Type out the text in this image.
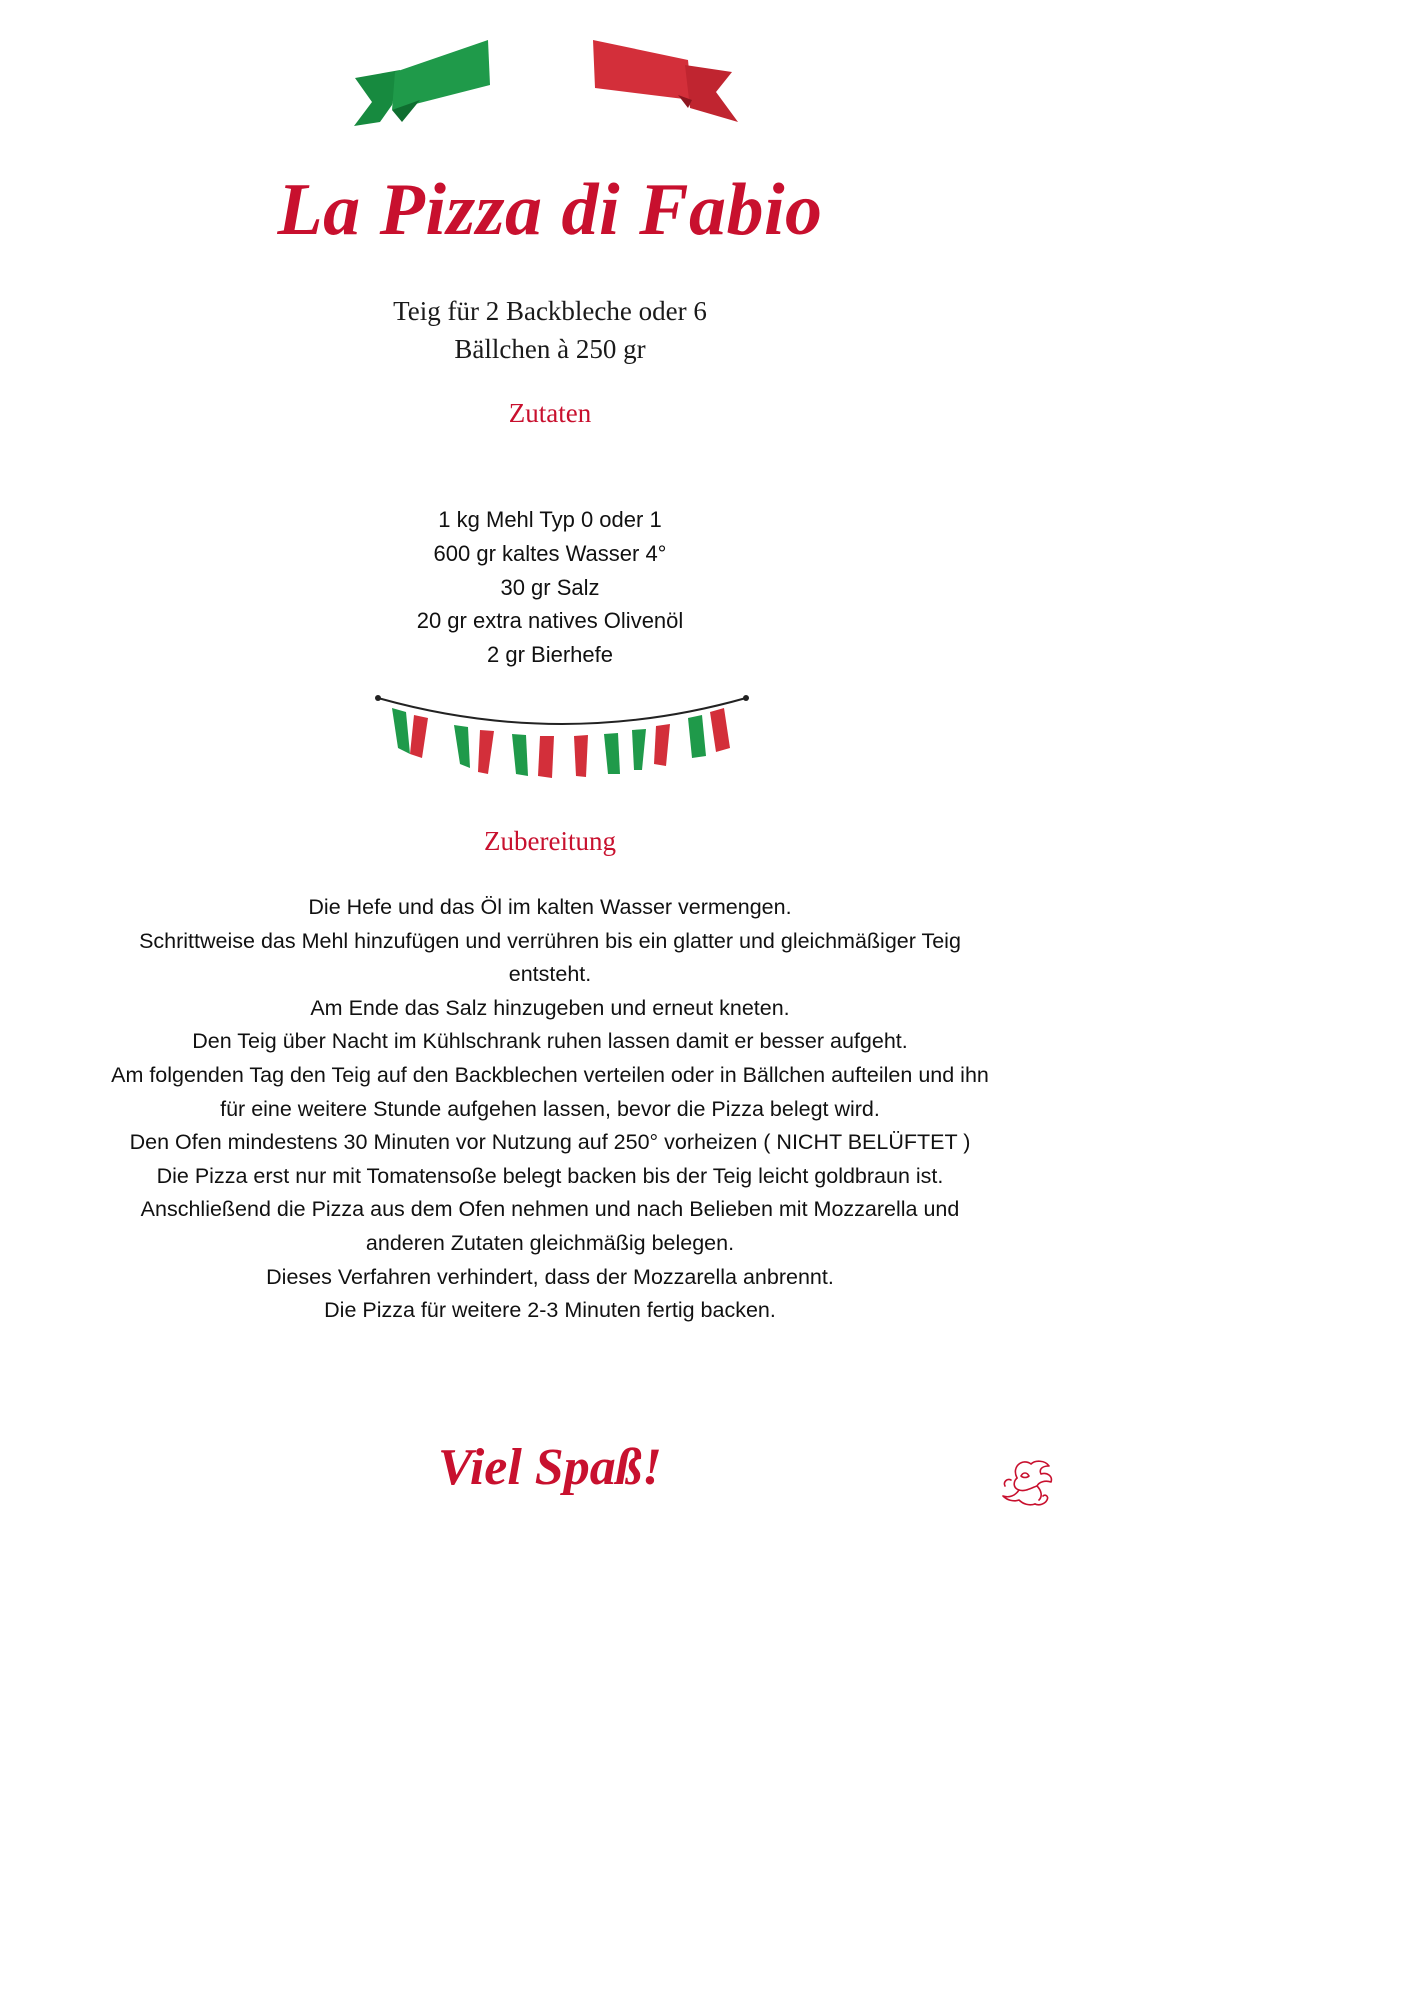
La Pizza di Fabio
Teig für 2 Backbleche oder 6
Bällchen à 250 gr
Zutaten
1 kg Mehl Typ 0 oder 1
600 gr kaltes Wasser 4°
30 gr Salz
20 gr extra natives Olivenöl
2 gr Bierhefe
Zubereitung
Die Hefe und das Öl im kalten Wasser vermengen.
Schrittweise das Mehl hinzufügen und verrühren bis ein glatter und gleichmäßiger Teig
entsteht.
Am Ende das Salz hinzugeben und erneut kneten.
Den Teig über Nacht im Kühlschrank ruhen lassen damit er besser aufgeht.
Am folgenden Tag den Teig auf den Backblechen verteilen oder in Bällchen aufteilen und ihn
für eine weitere Stunde aufgehen lassen, bevor die Pizza belegt wird.
Den Ofen mindestens 30 Minuten vor Nutzung auf 250° vorheizen ( NICHT BELÜFTET )
Die Pizza erst nur mit Tomatensoße belegt backen bis der Teig leicht goldbraun ist.
Anschließend die Pizza aus dem Ofen nehmen und nach Belieben mit Mozzarella und
anderen Zutaten gleichmäßig belegen.
Dieses Verfahren verhindert, dass der Mozzarella anbrennt.
Die Pizza für weitere 2-3 Minuten fertig backen.
Viel Spaß!
